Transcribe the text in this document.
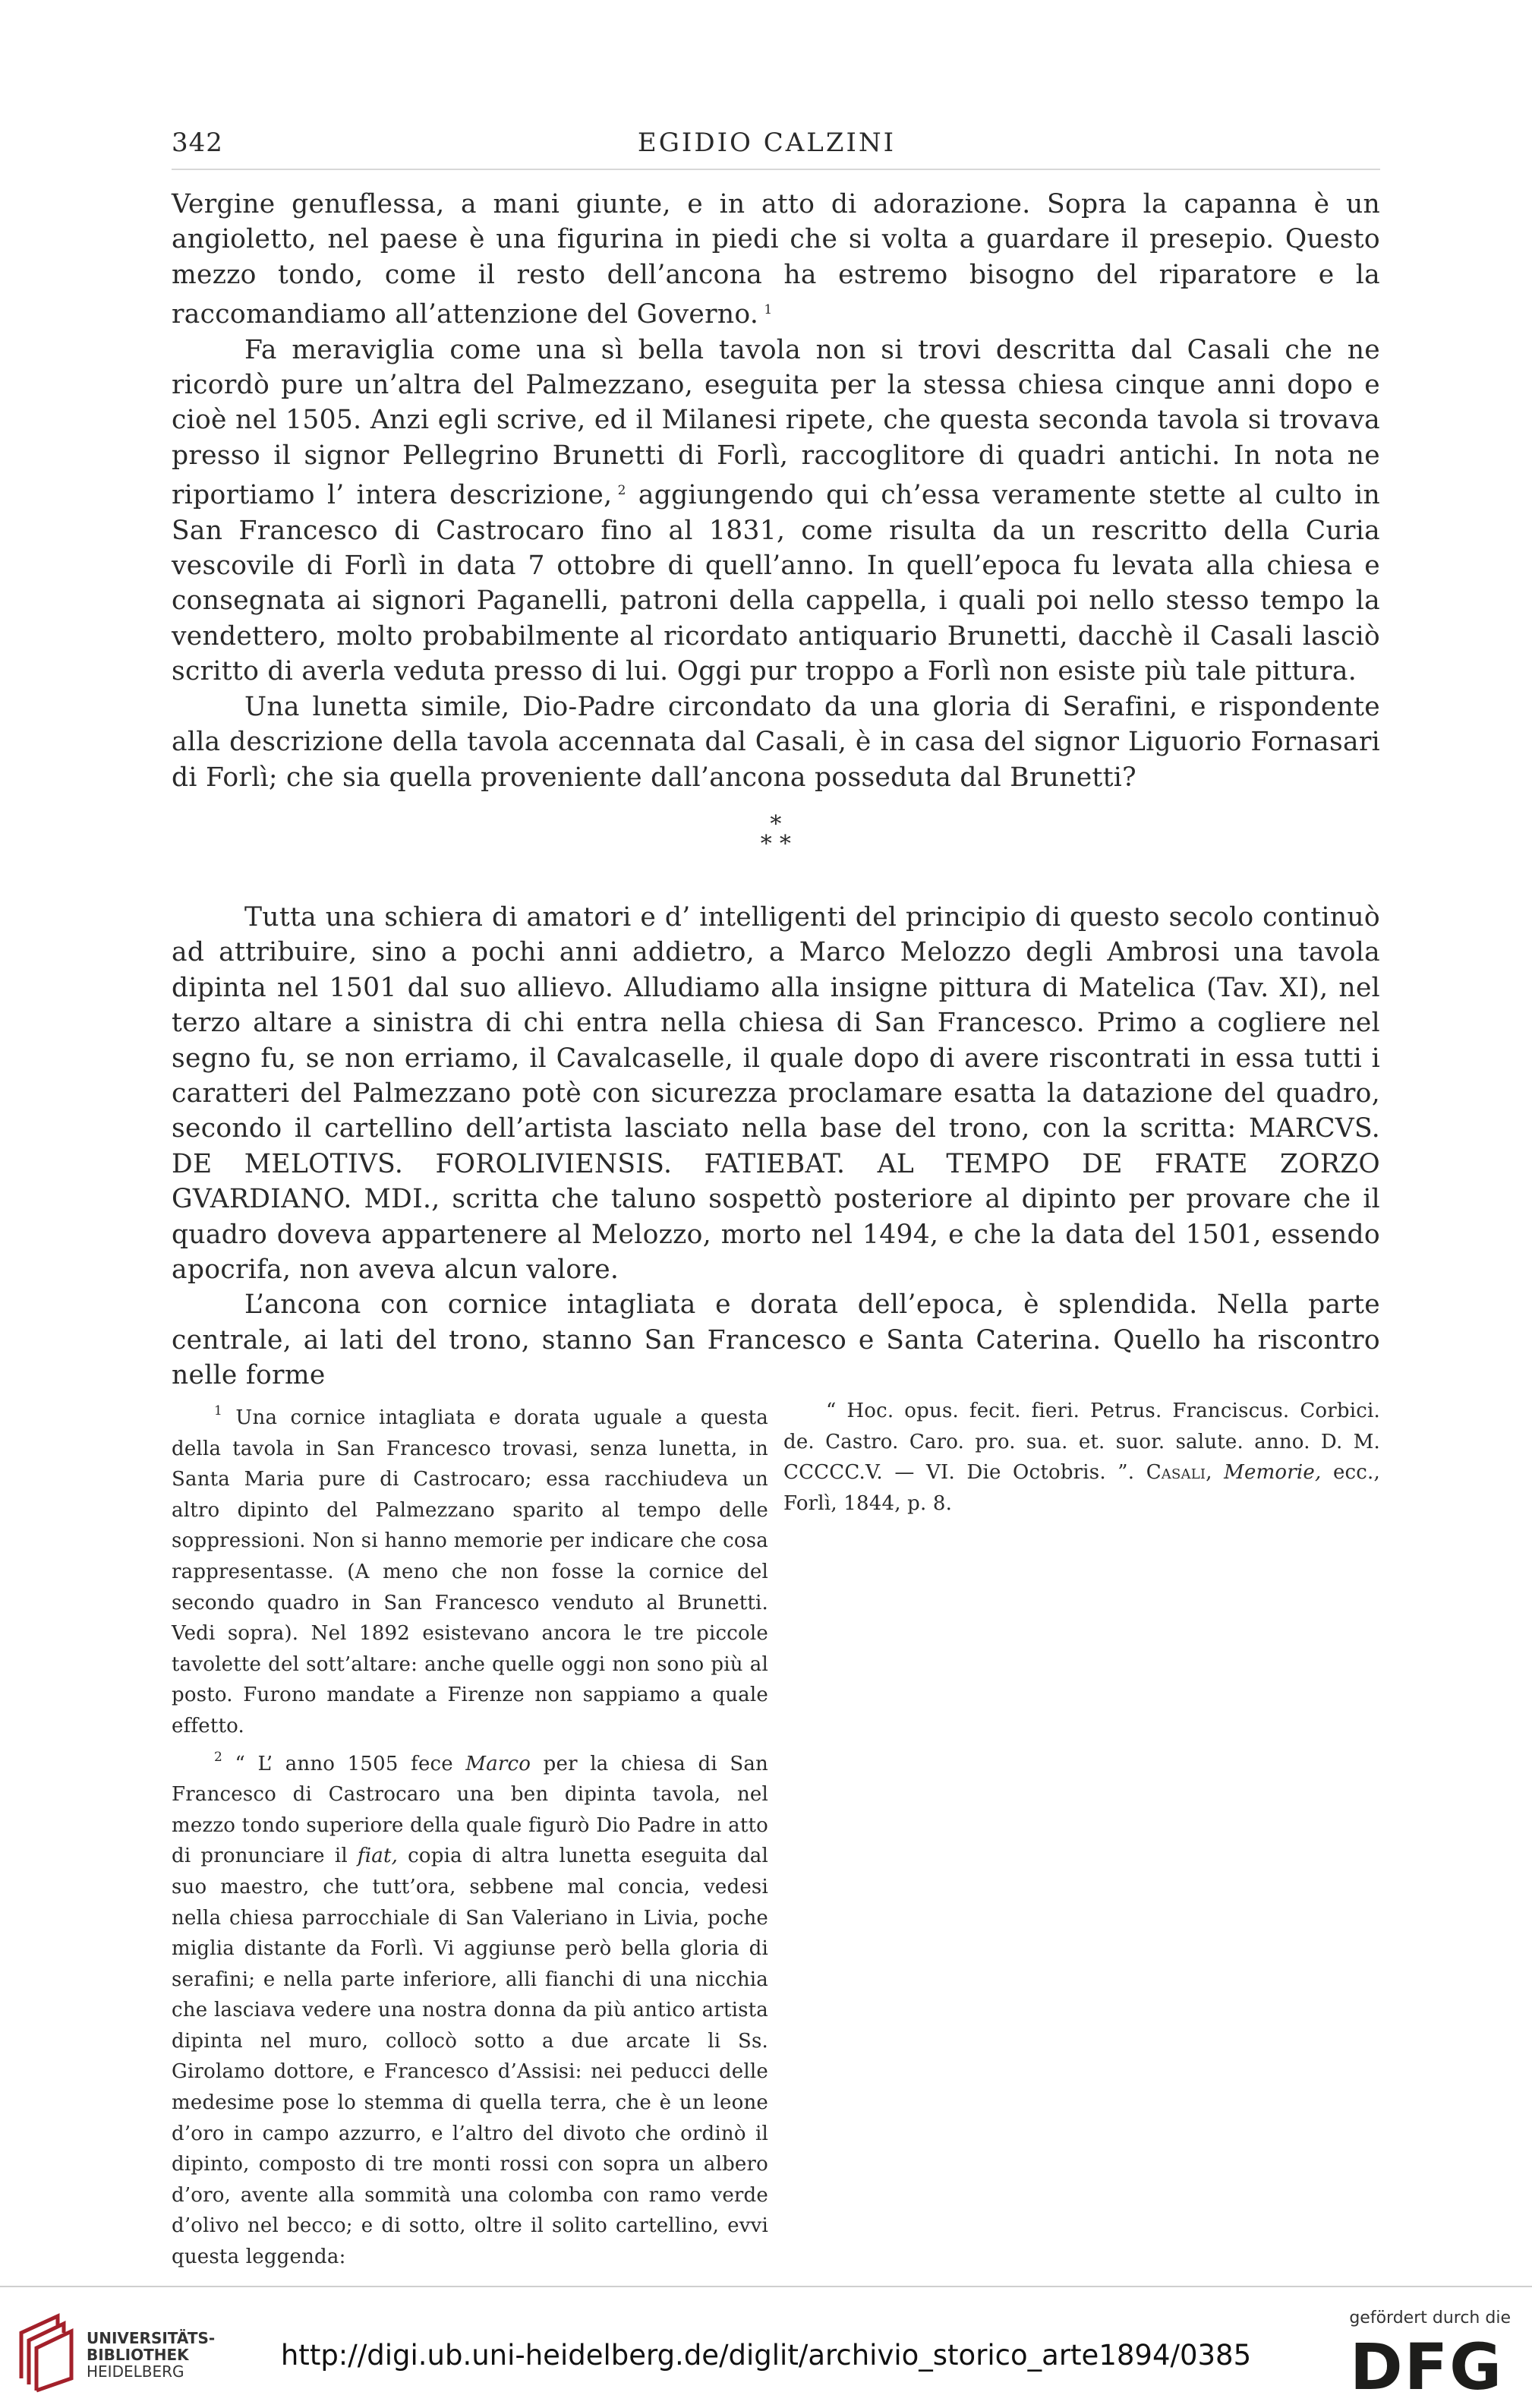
342	EGIDIO CALZINI

Vergine genuflessa, a mani giunte, e in atto di adorazione. Sopra la capanna è un angioletto, nel paese è una figurina in piedi che si volta a guardare il presepio. Questo mezzo tondo, come il resto dell’ancona ha estremo bisogno del riparatore e la raccomandiamo all’attenzione del Governo.  $^1$

Fa meraviglia come una sì bella tavola non si trovi descritta dal Casali che ne ricordò pure un’altra del Palmezzano, eseguita per la stessa chiesa cinque anni dopo e cioè nel 1505. Anzi egli scrive, ed il Milanesi ripete, che questa seconda tavola si trovava presso il signor Pellegrino Brunetti di Forlì, raccoglitore di quadri antichi. In nota ne riportiamo l’ intera descrizione,  $^2$ aggiungendo qui ch’essa veramente stette al culto in San Francesco di Castrocaro fino al 1831, come risulta da un rescritto della Curia vescovile di Forlì in data 7 ottobre di quell’anno. In quell’epoca fu levata alla chiesa e consegnata ai signori Paganelli, patroni della cappella, i quali poi nello stesso tempo la vendettero, molto probabilmente al ricordato antiquario Brunetti, dacchè il Casali lasciò scritto di averla veduta presso di lui. Oggi pur troppo a Forlì non esiste più tale pittura.

Una lunetta simile, Dio-Padre circondato da una gloria di Serafini, e rispondente alla descrizione della tavola accennata dal Casali, è in casa del signor Liguorio Fornasari di Forlì; che sia quella proveniente dall’ancona posseduta dal Brunetti?

*
* *

Tutta una schiera di amatori e d’ intelligenti del principio di questo secolo continuò ad attribuire, sino a pochi anni addietro, a Marco Melozzo degli Ambrosi una tavola dipinta nel 1501 dal suo allievo. Alludiamo alla insigne pittura di Matelica (Tav. XI), nel terzo altare a sinistra di chi entra nella chiesa di San Francesco. Primo a cogliere nel segno fu, se non erriamo, il Cavalcaselle, il quale dopo di avere riscontrati in essa tutti i caratteri del Palmezzano potè con sicurezza proclamare esatta la datazione del quadro, secondo il cartellino dell’artista lasciato nella base del trono, con la scritta: MARCVS. DE MELOTIVS. FOROLIVIENSIS. FATIEBAT. AL TEMPO DE FRATE ZORZO GVARDIANO. MDI., scritta che taluno sospettò posteriore al dipinto per provare che il quadro doveva appartenere al Melozzo, morto nel 1494, e che la data del 1501, essendo apocrifa, non aveva alcun valore.

L’ancona con cornice intagliata e dorata dell’epoca, è splendida. Nella parte centrale, ai lati del trono, stanno San Francesco e Santa Caterina. Quello ha riscontro nelle forme

$^1$ Una cornice intagliata e dorata uguale a questa della tavola in San Francesco trovasi, senza lunetta, in Santa Maria pure di Castrocaro; essa racchiudeva un altro dipinto del Palmezzano sparito al tempo delle soppressioni. Non si hanno memorie per indicare che cosa rappresentasse. (A meno che non fosse la cornice del secondo quadro in San Francesco venduto al Brunetti. Vedi sopra). Nel 1892 esistevano ancora le tre piccole tavolette del sott’altare: anche quelle oggi non sono più al posto. Furono mandate a Firenze non sappiamo a quale effetto.

$^2$ “ L’ anno 1505 fece Marco per la chiesa di San Francesco di Castrocaro una ben dipinta tavola, nel mezzo tondo superiore della quale figurò Dio Padre in atto di pronunciare il fiat, copia di altra lunetta eseguita dal suo maestro, che tutt’ora, sebbene mal concia, vedesi nella chiesa parrocchiale di San Valeriano in Livia, poche miglia distante da Forlì. Vi aggiunse però bella gloria di serafini; e nella parte inferiore, alli fianchi di una nicchia che lasciava vedere una nostra donna da più antico artista dipinta nel muro, collocò sotto a due arcate li Ss. Girolamo dottore, e Francesco d’Assisi: nei peducci delle medesime pose lo stemma di quella terra, che è un leone d’oro in campo azzurro, e l’altro del divoto che ordinò il dipinto, composto di tre monti rossi con sopra un albero d’oro, avente alla sommità una colomba con ramo verde d’olivo nel becco; e di sotto, oltre il solito cartellino, evvi questa leggenda:

“ Hoc. opus. fecit. fieri. Petrus. Franciscus. Corbici. de. Castro. Caro. pro. sua. et. suor. salute. anno. D. M. CCCCC.V. — VI. Die Octobris. ”. Casali, Memorie, ecc., Forlì, 1844, p. 8.

UNIVERSITÄTS-
BIBLIOTHEK
HEIDELBERG	http://digi.ub.uni-heidelberg.de/diglit/archivio_storico_arte1894/0385
gefördert durch die
DFG
